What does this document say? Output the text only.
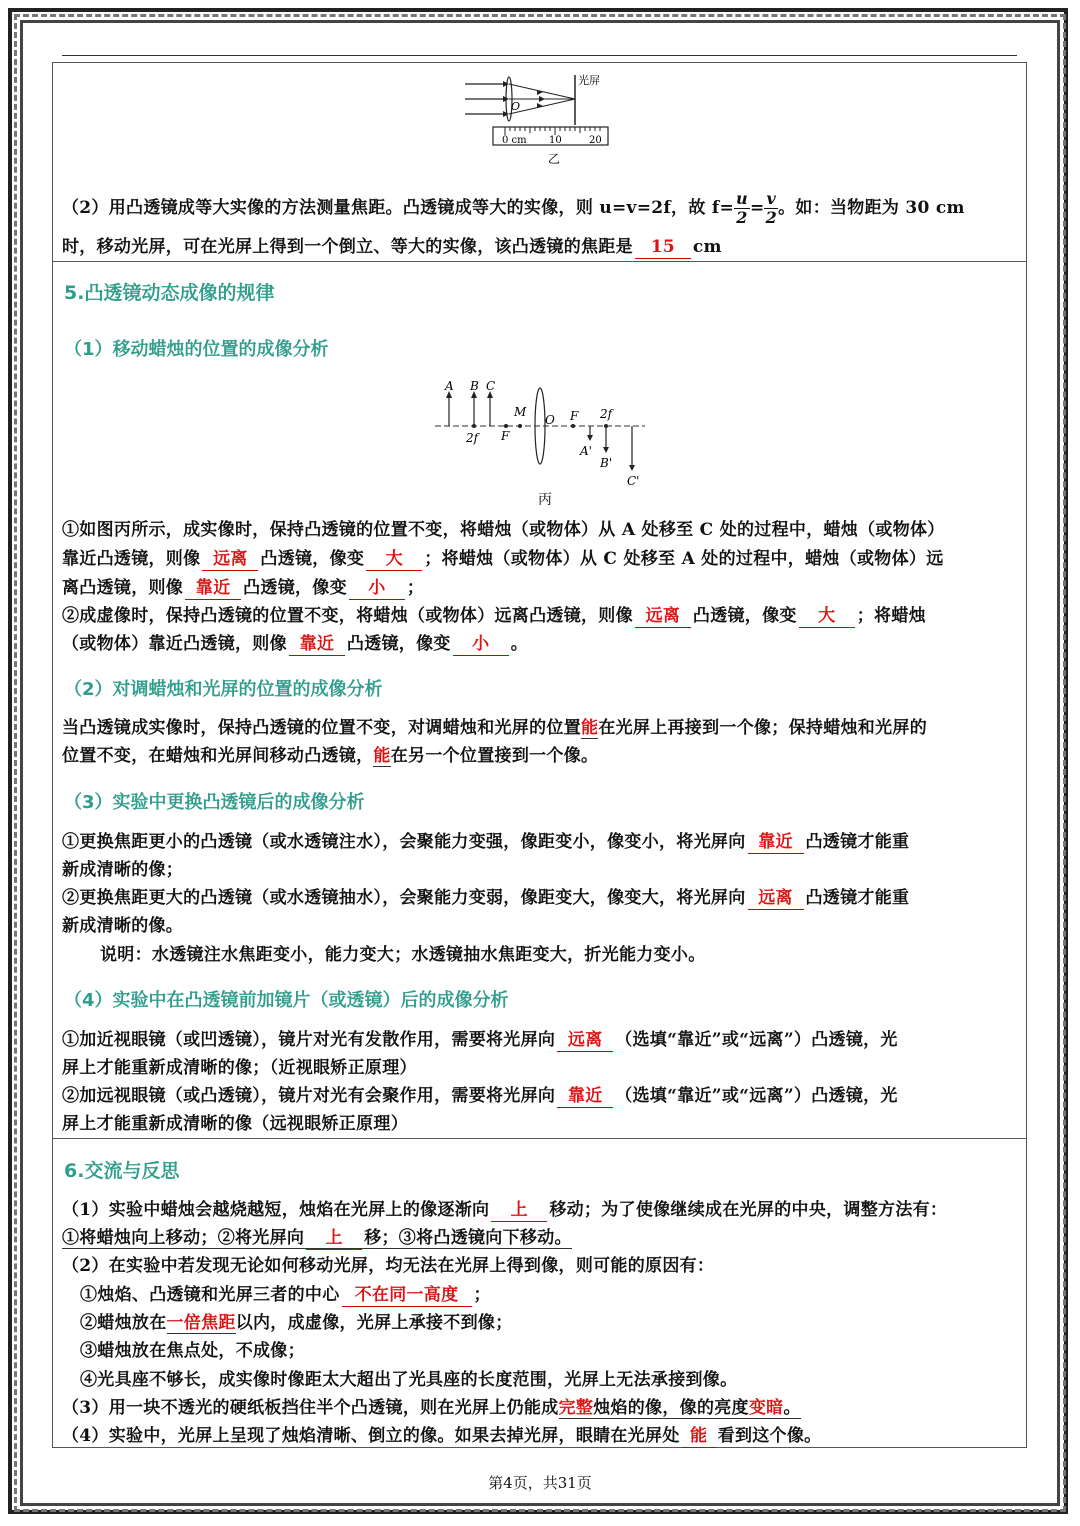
光屏
O
0 cm 10	20
乙
（2）用凸透镜成等大实像的方法测量焦距。凸透镜成等大的实像，则 u=v=2f，故 $f= \frac{u}{2} = \frac{v}{2}$ 。如：当物距为 30 cm
时，移动光屏，可在光屏上得到一个倒立、等大的实像，该凸透镜的焦距是 15 cm
5.凸透镜动态成像的规律
（1）移动蜡烛的位置的成像分析
A B C
M
O F 2f
2f F
A'
B'
C'
丙
①如图丙所示，成实像时，保持凸透镜的位置不变，将蜡烛（或物体）从 A 处移至 C 处的过程中，蜡烛（或物体）
靠近凸透镜，则像 远离 凸透镜，像变 大 ；将蜡烛（或物体）从 C 处移至 A 处的过程中，蜡烛（或物体）远
离凸透镜，则像 靠近 凸透镜，像变 小 ；
②成虚像时，保持凸透镜的位置不变，将蜡烛（或物体）远离凸透镜，则像 远离 凸透镜，像变 大 ；将蜡烛
（或物体）靠近凸透镜，则像 靠近 凸透镜，像变 小 。
（2）对调蜡烛和光屏的位置的成像分析
当凸透镜成实像时，保持凸透镜的位置不变，对调蜡烛和光屏的位置能在光屏上再接到一个像；保持蜡烛和光屏的
位置不变，在蜡烛和光屏间移动凸透镜，能在另一个位置接到一个像。
（3）实验中更换凸透镜后的成像分析
①更换焦距更小的凸透镜（或水透镜注水），会聚能力变强，像距变小，像变小，将光屏向 靠近 凸透镜才能重
新成清晰的像；
②更换焦距更大的凸透镜（或水透镜抽水），会聚能力变弱，像距变大，像变大，将光屏向 远离 凸透镜才能重
新成清晰的像。
说明：水透镜注水焦距变小，能力变大；水透镜抽水焦距变大，折光能力变小。
（4）实验中在凸透镜前加镜片（或透镜）后的成像分析
①加近视眼镜（或凹透镜），镜片对光有发散作用，需要将光屏向 远离 （选填“靠近”或“远离”）凸透镜，光
屏上才能重新成清晰的像；（近视眼矫正原理）
②加远视眼镜（或凸透镜），镜片对光有会聚作用，需要将光屏向 靠近 （选填“靠近”或“远离”）凸透镜，光
屏上才能重新成清晰的像（远视眼矫正原理）
6.交流与反思
（1）实验中蜡烛会越烧越短，烛焰在光屏上的像逐渐向 上 移动；为了使像继续成在光屏的中央，调整方法有：
①将蜡烛向上移动；②将光屏向 上 移；③将凸透镜向下移动。
（2）在实验中若发现无论如何移动光屏，均无法在光屏上得到像，则可能的原因有：
①烛焰、凸透镜和光屏三者的中心 不在同一高度 ；
②蜡烛放在一倍焦距以内，成虚像，光屏上承接不到像；
③蜡烛放在焦点处，不成像；
④光具座不够长，成实像时像距太大超出了光具座的长度范围，光屏上无法承接到像。
（3）用一块不透光的硬纸板挡住半个凸透镜，则在光屏上仍能成完整烛焰的像，像的亮度变暗。
（4）实验中，光屏上呈现了烛焰清晰、倒立的像。如果去掉光屏，眼睛在光屏处 能 看到这个像。
第4页，共31页
